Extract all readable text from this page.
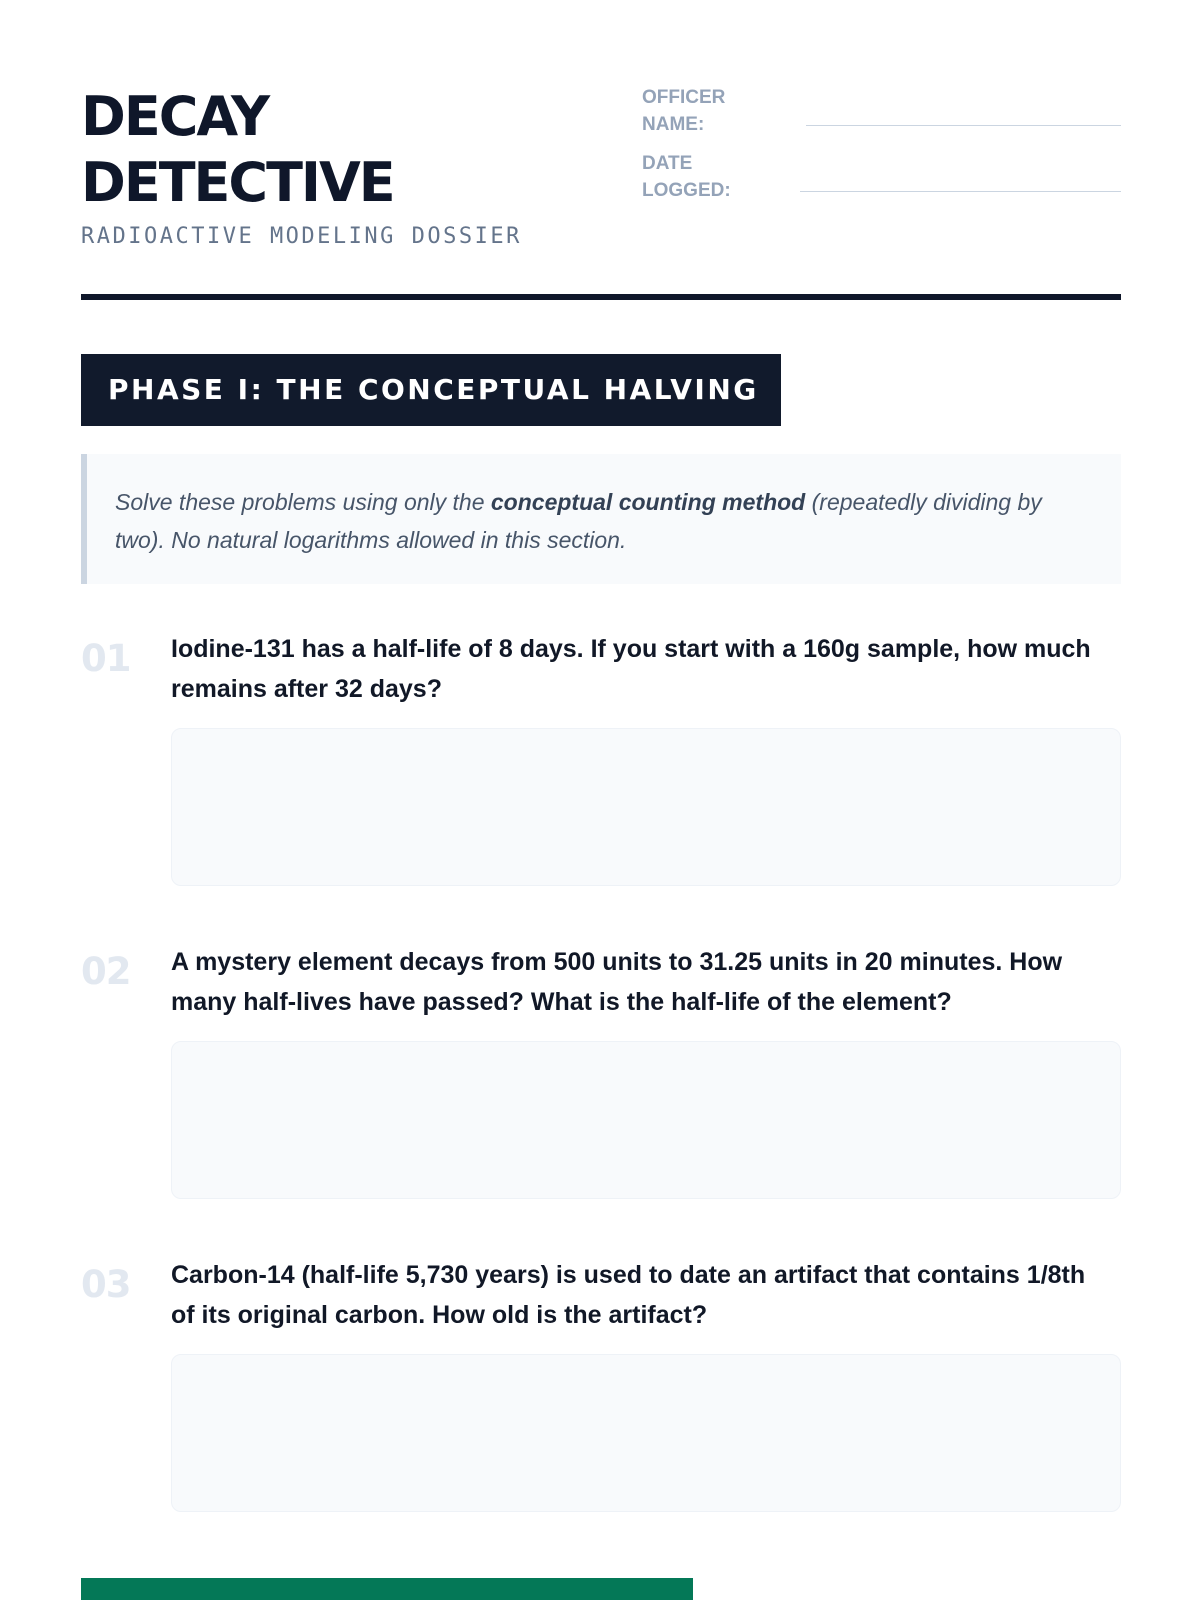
DECAY
DETECTIVE
RADIOACTIVE MODELING DOSSIER
OFFICER NAME:
DATE LOGGED:
PHASE I: THE CONCEPTUAL HALVING
Solve these problems using only the conceptual counting method (repeatedly dividing by two). No natural logarithms allowed in this section.
01 Iodine-131 has a half-life of 8 days. If you start with a 160g sample, how much remains after 32 days?

02 A mystery element decays from 500 units to 31.25 units in 20 minutes. How many half-lives have passed? What is the half-life of the element?

03 Carbon-14 (half-life 5,730 years) is used to date an artifact that contains 1/8th of its original carbon. How old is the artifact?
